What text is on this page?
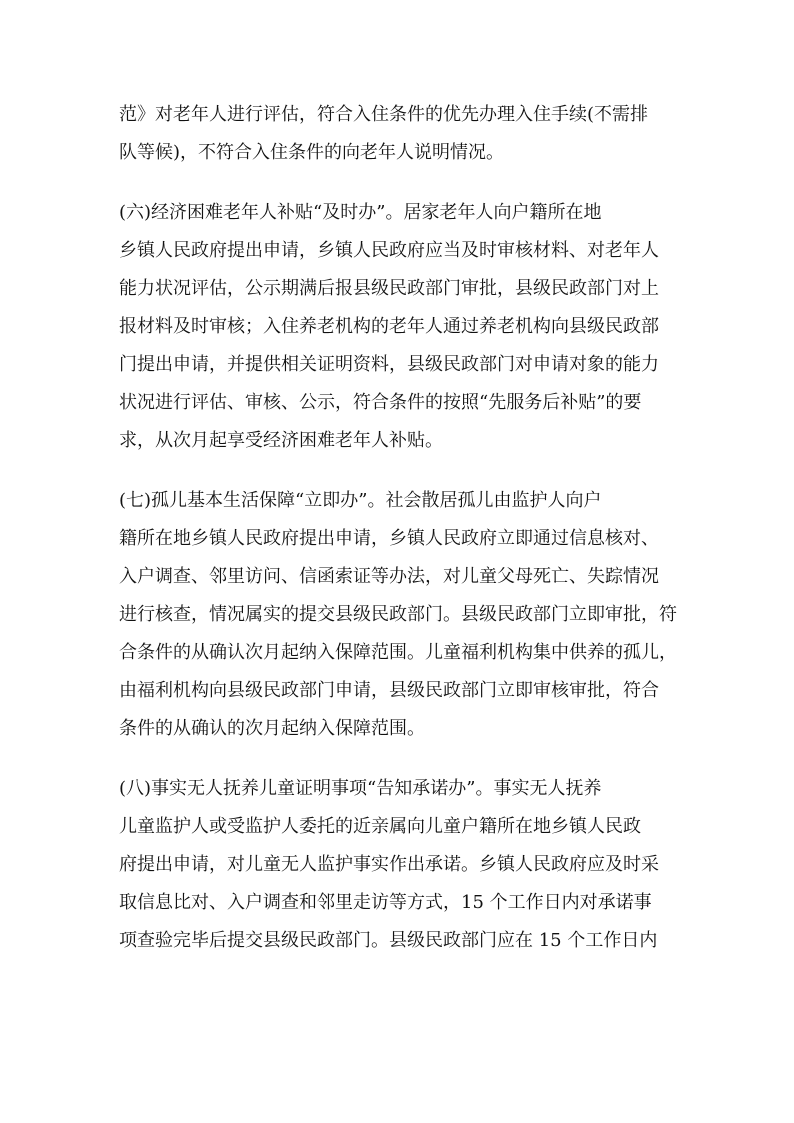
范》对老年人进行评估，符合入住条件的优先办理入住手续(不需排
队等候)，不符合入住条件的向老年人说明情况。
(六)经济困难老年人补贴“及时办”。居家老年人向户籍所在地
乡镇人民政府提出申请，乡镇人民政府应当及时审核材料、对老年人
能力状况评估，公示期满后报县级民政部门审批，县级民政部门对上
报材料及时审核；入住养老机构的老年人通过养老机构向县级民政部
门提出申请，并提供相关证明资料，县级民政部门对申请对象的能力
状况进行评估、审核、公示，符合条件的按照“先服务后补贴”的要
求，从次月起享受经济困难老年人补贴。
(七)孤儿基本生活保障“立即办”。社会散居孤儿由监护人向户
籍所在地乡镇人民政府提出申请，乡镇人民政府立即通过信息核对、
入户调查、邻里访问、信函索证等办法，对儿童父母死亡、失踪情况
进行核查，情况属实的提交县级民政部门。县级民政部门立即审批，符
合条件的从确认次月起纳入保障范围。儿童福利机构集中供养的孤儿，
由福利机构向县级民政部门申请，县级民政部门立即审核审批，符合
条件的从确认的次月起纳入保障范围。
(八)事实无人抚养儿童证明事项“告知承诺办”。事实无人抚养
儿童监护人或受监护人委托的近亲属向儿童户籍所在地乡镇人民政
府提出申请，对儿童无人监护事实作出承诺。乡镇人民政府应及时采
取信息比对、入户调查和邻里走访等方式，15 个工作日内对承诺事
项查验完毕后提交县级民政部门。县级民政部门应在 15 个工作日内
